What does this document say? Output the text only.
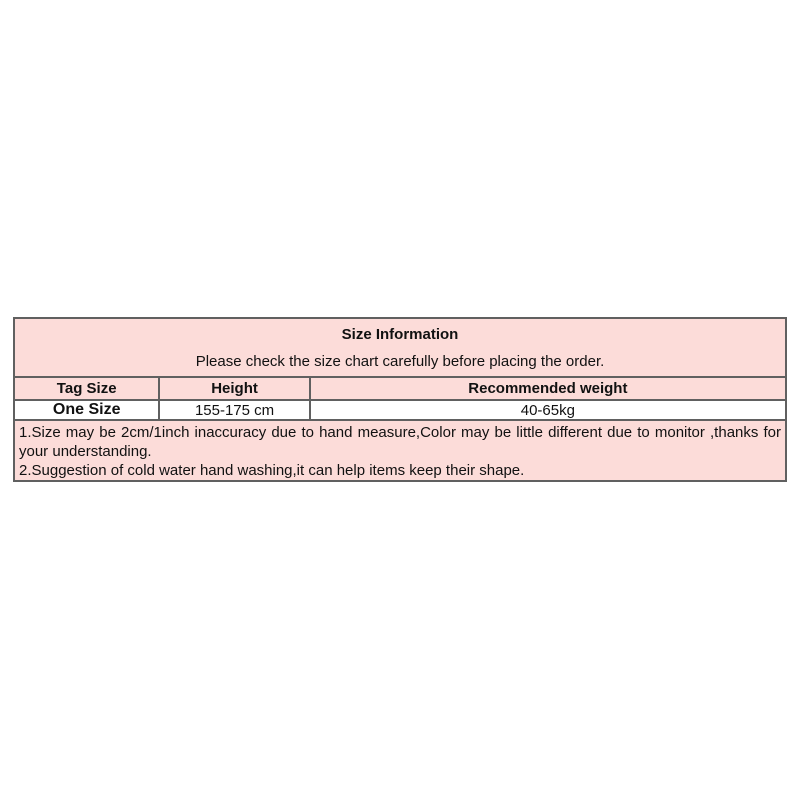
Size Information
Please check the size chart carefully before placing the order.		

Tag Size	Height	Recommended weight
One Size	155-175 cm	40-65kg

1.Size may be 2cm/1inch inaccuracy due to hand measure,Color may be little different due to monitor ,thanks for your understanding.

2.Suggestion of cold water hand washing,it can help items keep their shape.		
